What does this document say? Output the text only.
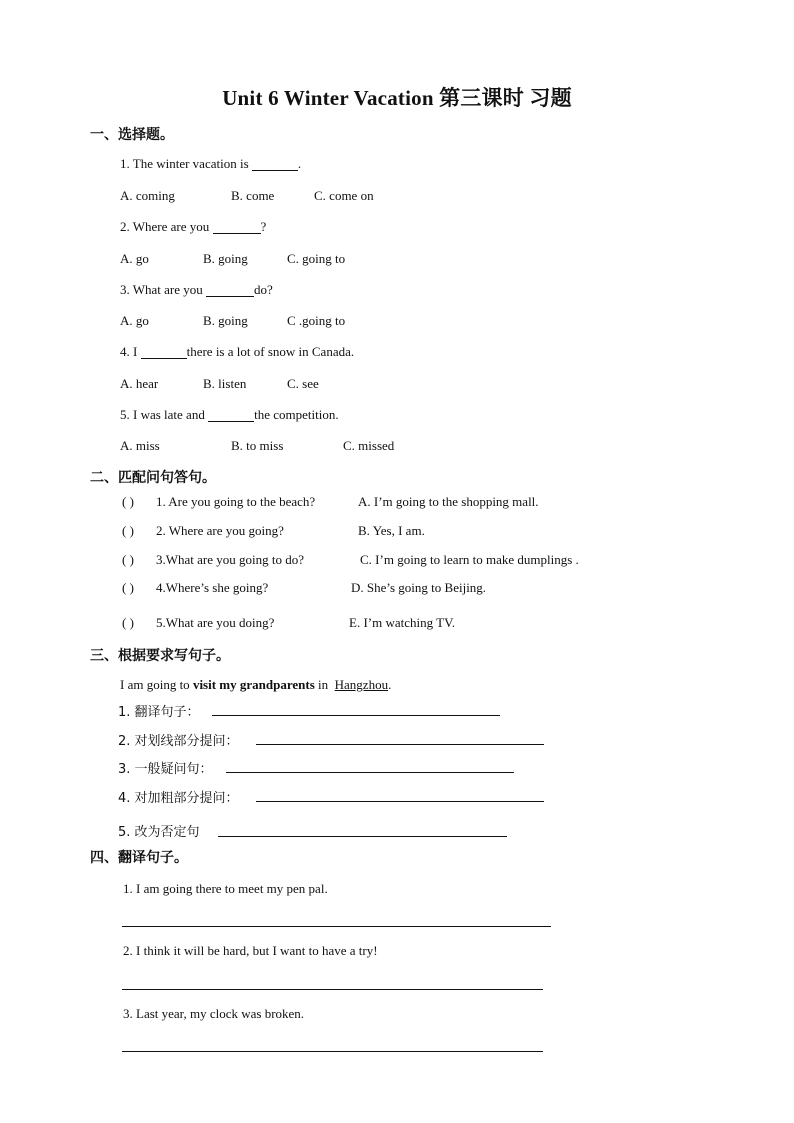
Unit 6 Winter Vacation 第三课时 习题
一、选择题。
1. The winter vacation is	.
A. coming	B. come	C. come on
2. Where are you	?
A. go	B. going	C. going to
3. What are you	do?
A. go	B. going	C .going to
4. I	there is a lot of snow in Canada.
A. hear	B. listen	C. see
5. I was late and	the competition.
A. miss	B. to miss	C. missed
二、匹配问句答句。
( ) 1. Are you going to the beach?	A. I’m going to the shopping mall.
( ) 2. Where are you going?	B. Yes, I am.
( ) 3.What are you going to do?	C. I’m going to learn to make dumplings .
( ) 4.Where’s she going?	D. She’s going to Beijing.
( ) 5.What are you doing?	E. I’m watching TV.
三、根据要求写句子。
I am going to visit my grandparents in  Hangzhou.
1. 翻译句子：
2. 对划线部分提问：
3. 一般疑问句：
4. 对加粗部分提问：
5. 改为否定句
四、翻译句子。
1. I am going there to meet my pen pal.
2. I think it will be hard, but I want to have a try!
3. Last year, my clock was broken.
